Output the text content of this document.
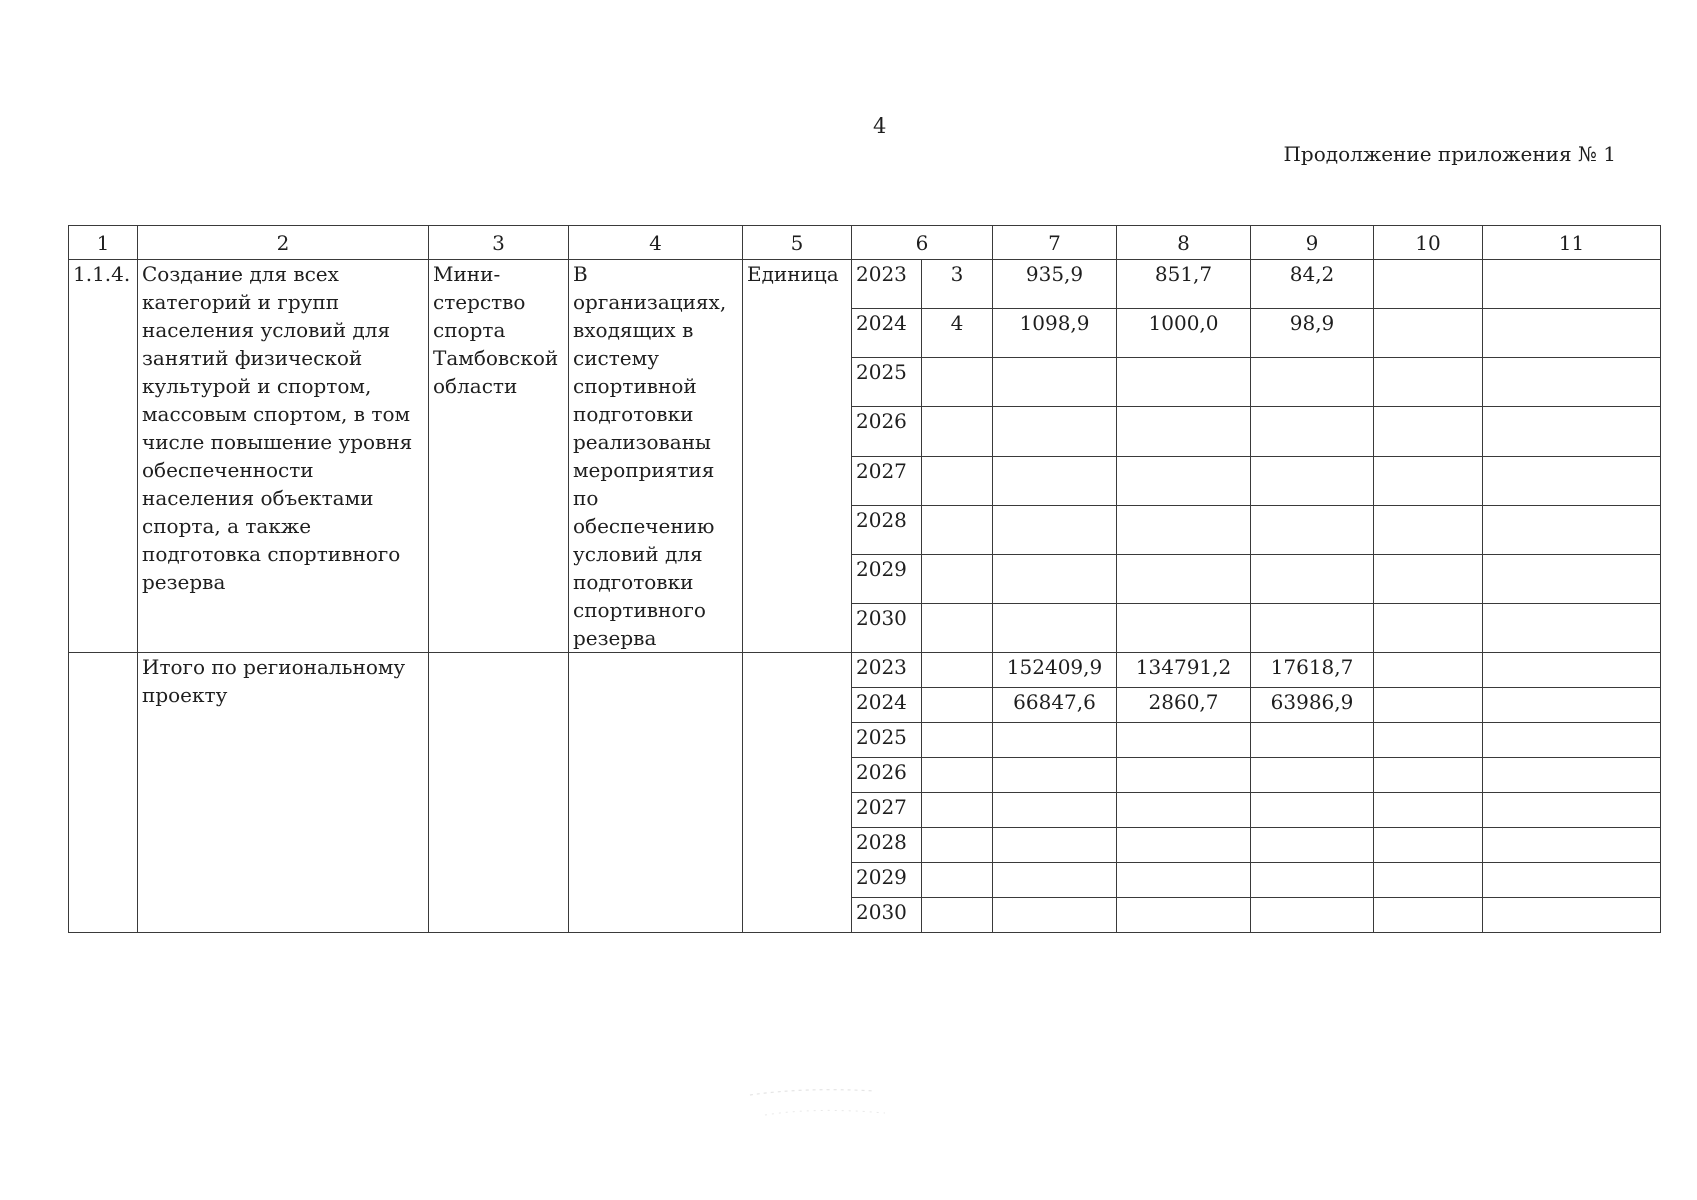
4
Продолжение приложения № 1
1	2	3	4	5	6		7	8	9	10	11
1.1.4.	Создание для всех категорий и групп населения условий для занятий физической культурой и спортом, массовым спортом, в том числе повышение уровня обеспеченности населения объектами спорта, а также подготовка спортивного резерва	Мини-стерство спорта Тамбовской области	В организациях, входящих в систему спортивной подготовки реализованы мероприятия по обеспечению условий для подготовки спортивного резерва	Единица	2023	3	935,9	851,7	84,2		
					2024	4	1098,9	1000,0	98,9		
					2025						
					2026						
					2027						
					2028						
					2029						
					2030						
	Итого по региональному проекту				2023		152409,9	134791,2	17618,7		
					2024		66847,6	2860,7	63986,9		
					2025						
					2026						
					2027						
					2028						
					2029						
					2030						
